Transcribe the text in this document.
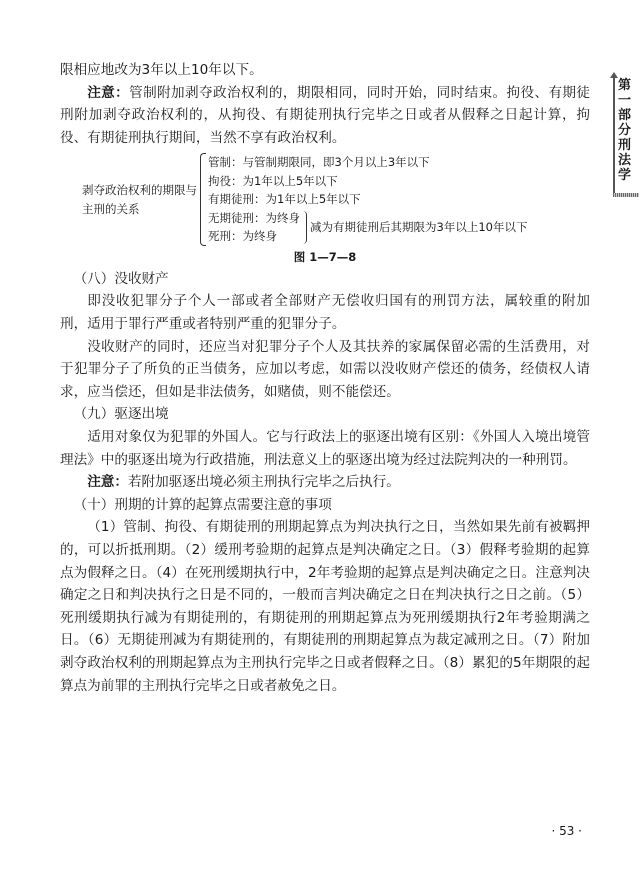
第一部分 刑法学

限相应地改为3年以上10年以下。

注意：管制附加剥夺政治权利的，期限相同，同时开始，同时结束。拘役、有期徒刑附加剥夺政治权利的，从拘役、有期徒刑执行完毕之日或者从假释之日起计算，拘役、有期徒刑执行期间，当然不享有政治权利。

剥夺政治权利的期限与主刑的关系
管制：与管制期限同，即3个月以上3年以下
拘役：为1年以上5年以下
有期徒刑：为1年以上5年以下
无期徒刑：为终身
死刑：为终身
减为有期徒刑后其期限为3年以上10年以下
图 1—7—8

（八）没收财产

即没收犯罪分子个人一部或者全部财产无偿收归国有的刑罚方法，属较重的附加刑，适用于罪行严重或者特别严重的犯罪分子。

没收财产的同时，还应当对犯罪分子个人及其扶养的家属保留必需的生活费用，对于犯罪分子了所负的正当债务，应加以考虑，如需以没收财产偿还的债务，经债权人请求，应当偿还，但如是非法债务，如赌债，则不能偿还。

（九）驱逐出境

适用对象仅为犯罪的外国人。它与行政法上的驱逐出境有区别：《外国人入境出境管理法》中的驱逐出境为行政措施，刑法意义上的驱逐出境为经过法院判决的一种刑罚。

注意：若附加驱逐出境必须主刑执行完毕之后执行。

（十）刑期的计算的起算点需要注意的事项

（1）管制、拘役、有期徒刑的刑期起算点为判决执行之日，当然如果先前有被羁押的，可以折抵刑期。（2）缓刑考验期的起算点是判决确定之日。（3）假释考验期的起算点为假释之日。（4）在死刑缓期执行中，2年考验期的起算点是判决确定之日。注意判决确定之日和判决执行之日是不同的，一般而言判决确定之日在判决执行之日之前。（5）死刑缓期执行减为有期徒刑的，有期徒刑的刑期起算点为死刑缓期执行2年考验期满之日。（6）无期徒刑减为有期徒刑的，有期徒刑的刑期起算点为裁定减刑之日。（7）附加剥夺政治权利的刑期起算点为主刑执行完毕之日或者假释之日。（8）累犯的5年期限的起算点为前罪的主刑执行完毕之日或者赦免之日。

· 53 ·
